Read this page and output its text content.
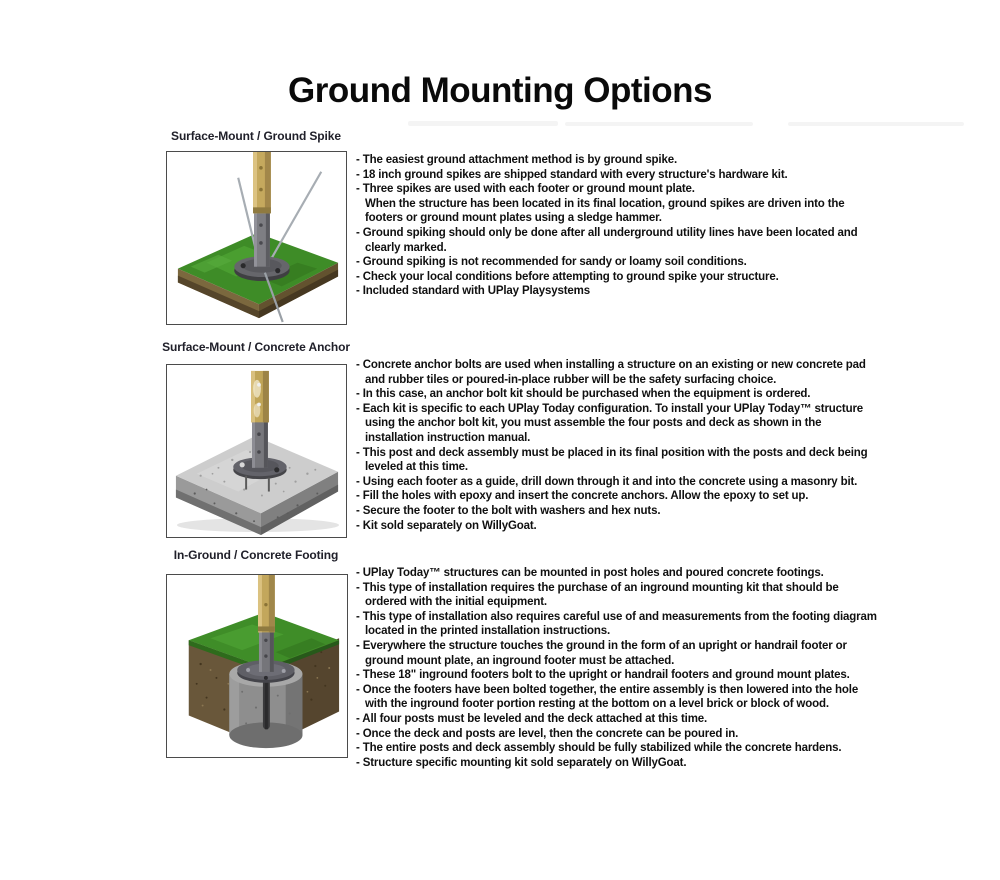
Ground Mounting Options
Surface-Mount / Ground Spike
- The easiest ground attachment method is by ground spike.
- 18 inch ground spikes are shipped standard with every structure's hardware kit.
- Three spikes are used with each footer or ground mount plate.
When the structure has been located in its final location, ground spikes are driven into the footers or ground mount plates using a sledge hammer.
- Ground spiking should only be done after all underground utility lines have been located and clearly marked.
- Ground spiking is not recommended for sandy or loamy soil conditions.
- Check your local conditions before attempting to ground spike your structure.
- Included standard with UPlay Playsystems
Surface-Mount / Concrete Anchor
- Concrete anchor bolts are used when installing a structure on an existing or new concrete pad and rubber tiles or poured-in-place rubber will be the safety surfacing choice.
- In this case, an anchor bolt kit should be purchased when the equipment is ordered.
- Each kit is specific to each UPlay Today configuration. To install your UPlay Today™ structure using the anchor bolt kit, you must assemble the four posts and deck as shown in the installation instruction manual.
- This post and deck assembly must be placed in its final position with the posts and deck being leveled at this time.
- Using each footer as a guide, drill down through it and into the concrete using a masonry bit.
- Fill the holes with epoxy and insert the concrete anchors. Allow the epoxy to set up.
- Secure the footer to the bolt with washers and hex nuts.
- Kit sold separately on WillyGoat.
In-Ground / Concrete Footing
- UPlay Today™ structures can be mounted in post holes and poured concrete footings.
- This type of installation requires the purchase of an inground mounting kit that should be ordered with the initial equipment.
- This type of installation also requires careful use of and measurements from the footing diagram located in the printed installation instructions.
- Everywhere the structure touches the ground in the form of an upright or handrail footer or ground mount plate, an inground footer must be attached.
- These 18" inground footers bolt to the upright or handrail footers and ground mount plates.
- Once the footers have been bolted together, the entire assembly is then lowered into the hole with the inground footer portion resting at the bottom on a level brick or block of wood.
- All four posts must be leveled and the deck attached at this time.
- Once the deck and posts are level, then the concrete can be poured in.
- The entire posts and deck assembly should be fully stabilized while the concrete hardens.
- Structure specific mounting kit sold separately on WillyGoat.
